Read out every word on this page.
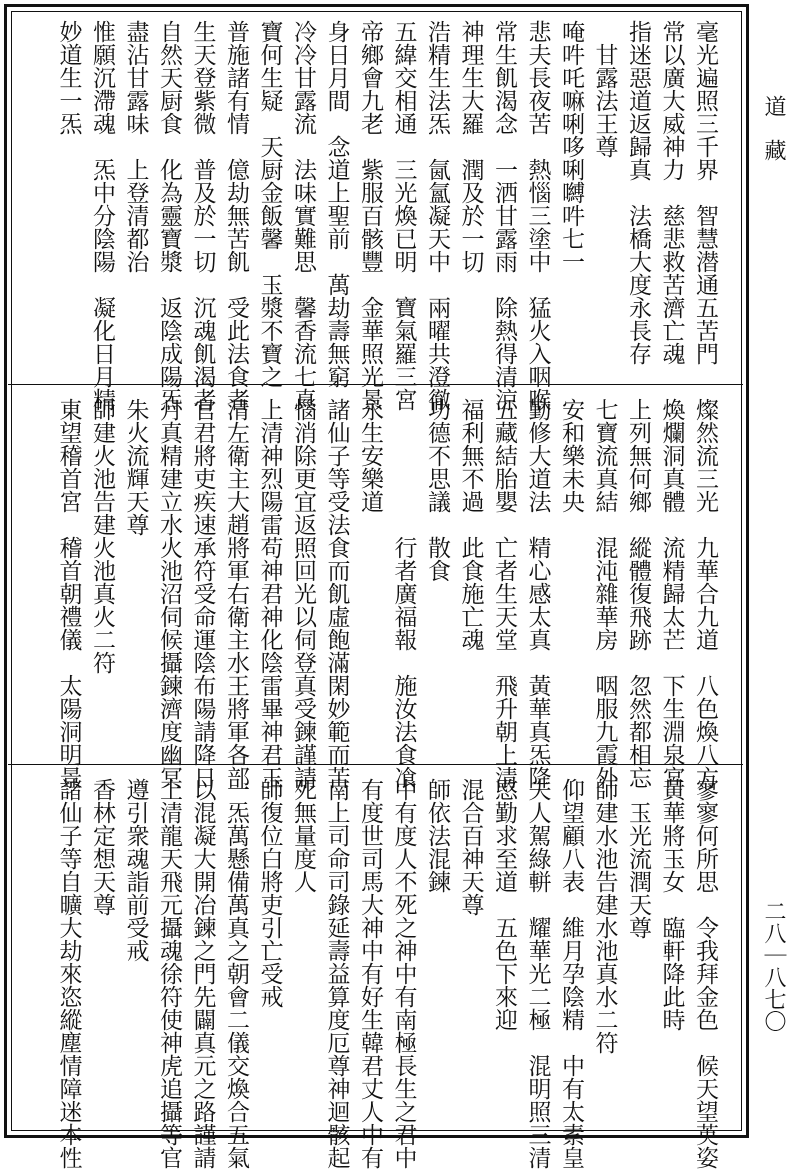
道　藏
二八｜八七〇
毫光遍照三千界　智慧潜通五苦門
常以廣大威神力　慈悲救苦濟亡魂
指迷惡道返歸真　法橋大度永長存
　甘露法王尊
唵吽吒嘛唎哆唎嚩吽七一
悲夫長夜苦　熱惱三塗中　猛火入咽喉
常生飢渴念　一洒甘露雨　除熱得清涼
神理生大羅　潤及於一切　
浩精生法炁　氤氳凝天中　兩曜共澄徹
五緯交相通　三光煥已明　寶氣羅三宮
帝鄉會九老　紫服百骸豐　金華照光景
身日月間　念道上聖前　萬劫壽無窮
冷冷甘露流　法味實難思　馨香流七真
寶何生疑　天厨金飯馨　玉漿不寶之
普施諸有情　億劫無苦飢　受此法食者
生天登紫微　普及於一切　沉魂飢渴者
自然天厨食　化為靈寶漿　返陰成陽炁
盡沾甘露味　上登清都治　
惟願沉滯魂　炁中分陰陽　凝化日月精
妙道生一炁
燦然流三光　九華合九道　八色煥八方
煥爛洞真體　流精歸太芒　下生淵泉宮
上列無何鄉　縱體復飛跡　忽然都相忘
七寶流真結　混沌雜華房　咽服九霞外
安和樂未央
勤修大道法　精心感太真　黃華真炁降
五藏結胎嬰　亡者生天堂　飛升朝上清
福利無不過　此食施亡魂
功德不思議　散食　
　　　　　　行者廣福報　施汝法食飡
永生安樂道
諸仙子等受法食而飢虛飽滿閑妙範而苦
惱消除更宜返照回光以伺登真受鍊謹請
上清神烈陽雷苟神君神化陰雷畢神君玉
清左衛主大趙將軍右衛主水王將軍各部
官君將吏疾速承符受命運陰布陽請降日
月真精建立水火池沼伺候攝鍊濟度幽冥
朱火流輝天尊
師建火池告建火池真火二符
東望稽首宮　稽首朝禮儀　太陽洞明景
寥寥何所思　令我拜金色　候天望英姿
黃華將玉女　臨軒降此時
　玉光流潤天尊
師建水池告建水池真水二符
仰望顧八表　維月孕陰精　中有太素皇
夫人駕綠軿　耀華光二極　混明照三清
愍勤求至道　五色下來迎
混合百神天尊
師依法混鍊
中有度人不死之神中有南極長生之君中
有度世司馬大神中有好生韓君丈人中有
南上司命司錄延壽益算度厄尊神迴骸起
死無量度人
師復位白將吏引亡受戒
一炁萬懸備萬真之朝會二儀交煥合五氣
以混凝大開冶鍊之門先闢真元之路謹請
上清龍天飛元攝魂徐符使神虎追攝等官
遵引衆魂詣前受戒
香林定想天尊
諸仙子等自曠大劫來恣縱塵情障迷本性
